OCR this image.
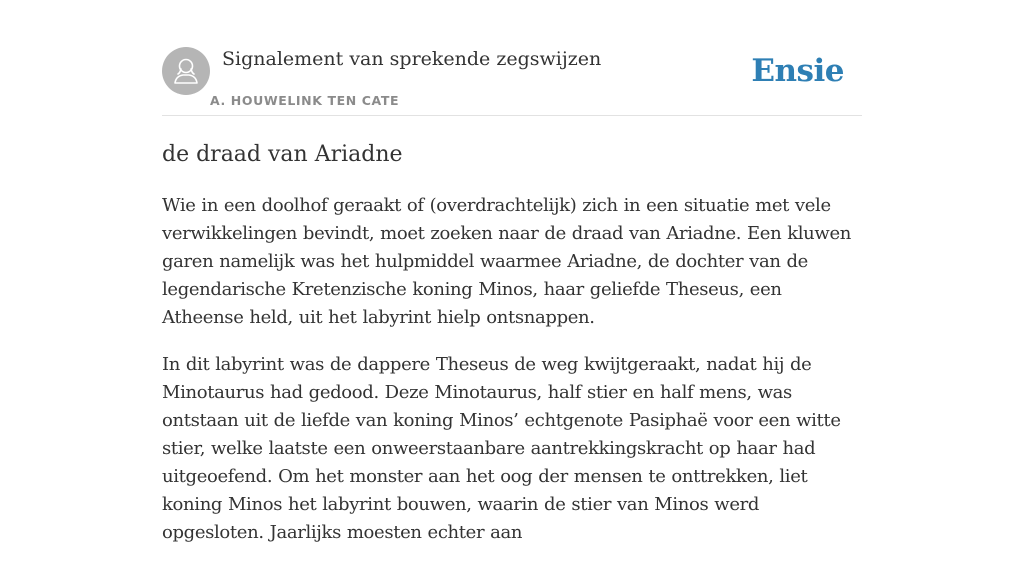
Signalement van sprekende zegswijzen
A. HOUWELINK TEN CATE
Ensie
de draad van Ariadne

Wie in een doolhof geraakt of (overdrachtelijk) zich in een situatie met vele verwikkelingen bevindt, moet zoeken naar de draad van Ariadne. Een kluwen garen namelijk was het hulpmiddel waarmee Ariadne, de dochter van de legendarische Kretenzische koning Minos, haar geliefde Theseus, een Atheense held, uit het labyrint hielp ontsnappen.

In dit labyrint was de dappere Theseus de weg kwijtgeraakt, nadat hij de Minotaurus had gedood. Deze Minotaurus, half stier en half mens, was ontstaan uit de liefde van koning Minos’ echtgenote Pasiphaë voor een witte stier, welke laatste een onweerstaanbare aantrekkingskracht op haar had uitgeoefend. Om het monster aan het oog der mensen te onttrekken, liet koning Minos het labyrint bouwen, waarin de stier van Minos werd opgesloten. Jaarlijks moesten echter aan
